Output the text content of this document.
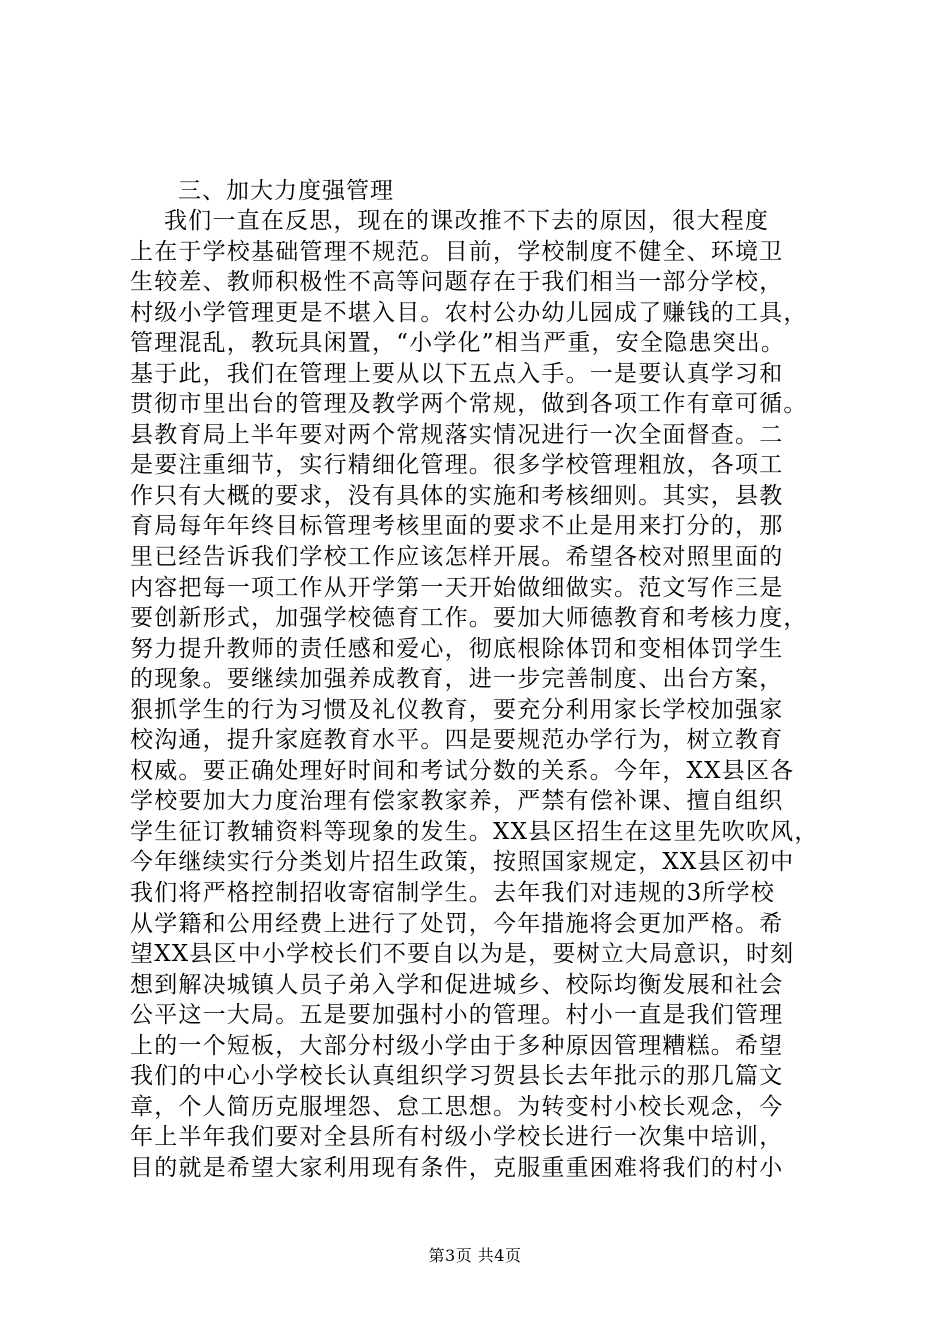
三、加大力度强管理
我们一直在反思，现在的课改推不下去的原因，很大程度
上在于学校基础管理不规范。目前，学校制度不健全、环境卫
生较差、教师积极性不高等问题存在于我们相当一部分学校，
村级小学管理更是不堪入目。农村公办幼儿园成了赚钱的工具，
管理混乱，教玩具闲置，“小学化”相当严重，安全隐患突出。
基于此，我们在管理上要从以下五点入手。一是要认真学习和
贯彻市里出台的管理及教学两个常规，做到各项工作有章可循。
县教育局上半年要对两个常规落实情况进行一次全面督查。二
是要注重细节，实行精细化管理。很多学校管理粗放，各项工
作只有大概的要求，没有具体的实施和考核细则。其实，县教
育局每年年终目标管理考核里面的要求不止是用来打分的，那
里已经告诉我们学校工作应该怎样开展。希望各校对照里面的
内容把每一项工作从开学第一天开始做细做实。范文写作三是
要创新形式，加强学校德育工作。要加大师德教育和考核力度，
努力提升教师的责任感和爱心，彻底根除体罚和变相体罚学生
的现象。要继续加强养成教育，进一步完善制度、出台方案，
狠抓学生的行为习惯及礼仪教育，要充分利用家长学校加强家
校沟通，提升家庭教育水平。四是要规范办学行为，树立教育
权威。要正确处理好时间和考试分数的关系。今年，XX县区各
学校要加大力度治理有偿家教家养，严禁有偿补课、擅自组织
学生征订教辅资料等现象的发生。XX县区招生在这里先吹吹风，
今年继续实行分类划片招生政策，按照国家规定，XX县区初中
我们将严格控制招收寄宿制学生。去年我们对违规的3所学校
从学籍和公用经费上进行了处罚，今年措施将会更加严格。希
望XX县区中小学校长们不要自以为是，要树立大局意识，时刻
想到解决城镇人员子弟入学和促进城乡、校际均衡发展和社会
公平这一大局。五是要加强村小的管理。村小一直是我们管理
上的一个短板，大部分村级小学由于多种原因管理糟糕。希望
我们的中心小学校长认真组织学习贺县长去年批示的那几篇文
章，个人简历克服埋怨、怠工思想。为转变村小校长观念，今
年上半年我们要对全县所有村级小学校长进行一次集中培训，
目的就是希望大家利用现有条件，克服重重困难将我们的村小
第3页 共4页
